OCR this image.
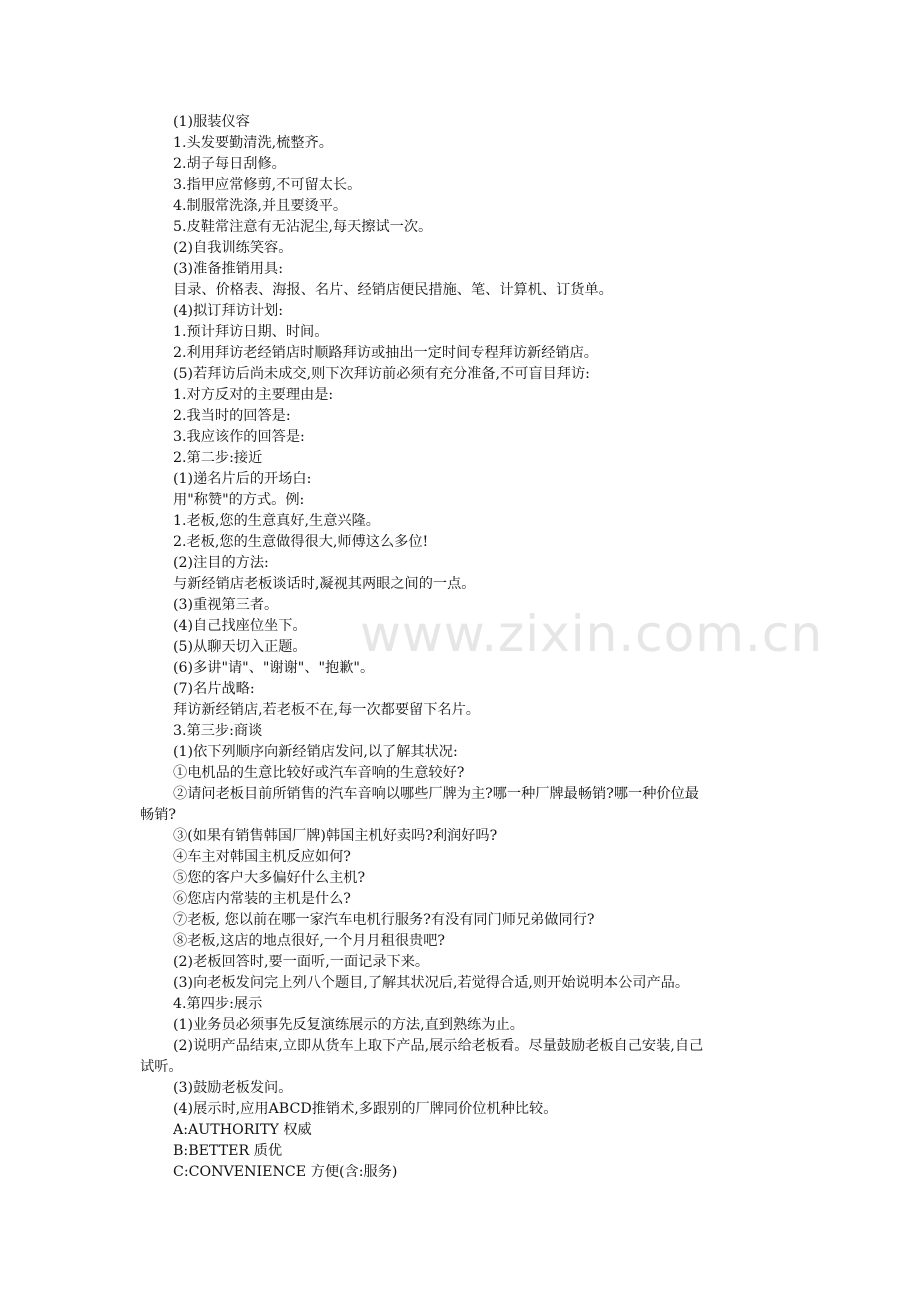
www.zixin.com.cn
(1)服装仪容
1.头发要勤清洗,梳整齐。
2.胡子每日刮修。
3.指甲应常修剪,不可留太长。
4.制服常洗涤,并且要烫平。
5.皮鞋常注意有无沾泥尘,每天擦试一次。
(2)自我训练笑容。
(3)准备推销用具:
目录、价格表、海报、名片、经销店便民措施、笔、计算机、订货单。
(4)拟订拜访计划:
1.预计拜访日期、时间。
2.利用拜访老经销店时顺路拜访或抽出一定时间专程拜访新经销店。
(5)若拜访后尚未成交,则下次拜访前必须有充分准备,不可盲目拜访:
1.对方反对的主要理由是:
2.我当时的回答是:
3.我应该作的回答是:
2.第二步:接近
(1)递名片后的开场白:
用"称赞"的方式。例:
1.老板,您的生意真好,生意兴隆。
2.老板,您的生意做得很大,师傅这么多位!
(2)注目的方法:
与新经销店老板谈话时,凝视其两眼之间的一点。
(3)重视第三者。
(4)自己找座位坐下。
(5)从聊天切入正题。
(6)多讲"请"、"谢谢"、"抱歉"。
(7)名片战略:
拜访新经销店,若老板不在,每一次都要留下名片。
3.第三步:商谈
(1)依下列顺序向新经销店发问,以了解其状况:
①电机品的生意比较好或汽车音响的生意较好?
②请问老板目前所销售的汽车音响以哪些厂牌为主?哪一种厂牌最畅销?哪一种价位最
畅销?
③(如果有销售韩国厂牌)韩国主机好卖吗?利润好吗?
④车主对韩国主机反应如何?
⑤您的客户大多偏好什么主机?
⑥您店内常装的主机是什么?
⑦老板, 您以前在哪一家汽车电机行服务?有没有同门师兄弟做同行?
⑧老板,这店的地点很好,一个月月租很贵吧?
(2)老板回答时,要一面听,一面记录下来。
(3)向老板发问完上列八个题目,了解其状况后,若觉得合适,则开始说明本公司产品。
4.第四步:展示
(1)业务员必须事先反复演练展示的方法,直到熟练为止。
(2)说明产品结束,立即从货车上取下产品,展示给老板看。尽量鼓励老板自己安装,自己
试听。
(3)鼓励老板发问。
(4)展示时,应用ABCD推销术,多跟别的厂牌同价位机种比较。
A:AUTHORITY 权威
B:BETTER 质优
C:CONVENIENCE 方便(含:服务)
